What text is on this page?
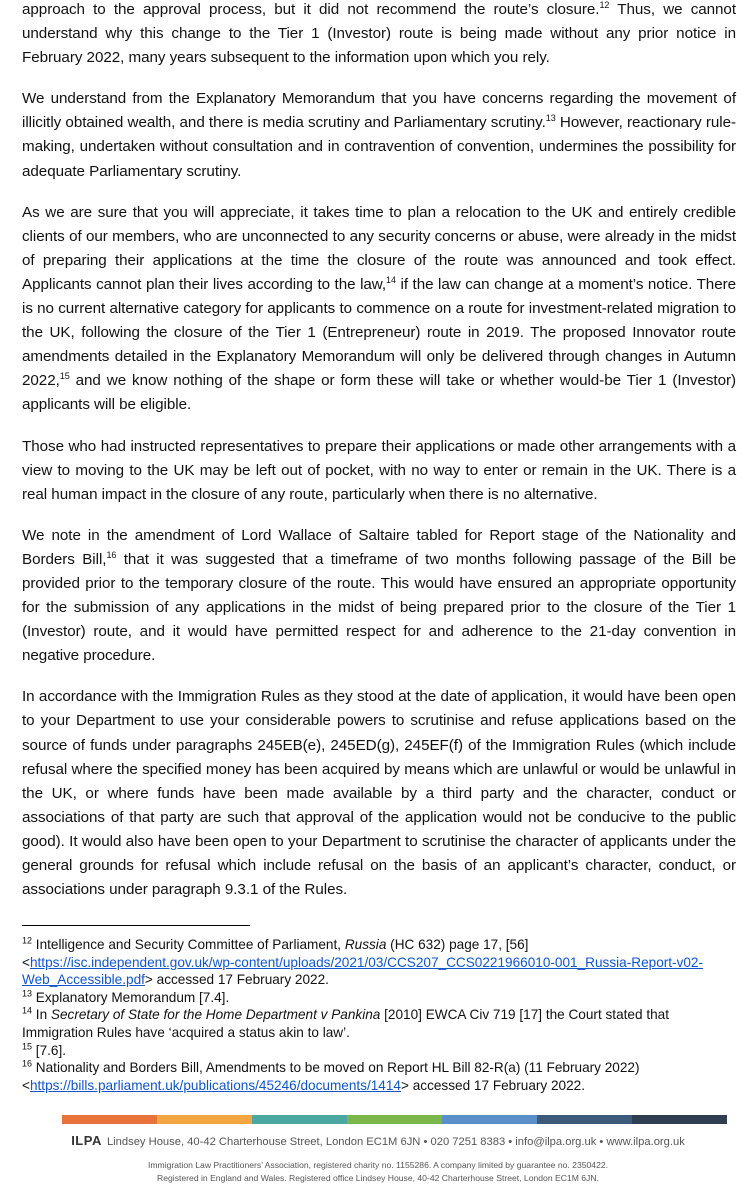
approach to the approval process, but it did not recommend the route’s closure.$^{12}$ Thus, we cannot understand why this change to the Tier 1 (Investor) route is being made without any prior notice in February 2022, many years subsequent to the information upon which you rely.

We understand from the Explanatory Memorandum that you have concerns regarding the movement of illicitly obtained wealth, and there is media scrutiny and Parliamentary scrutiny.$^{13}$ However, reactionary rule-making, undertaken without consultation and in contravention of convention, undermines the possibility for adequate Parliamentary scrutiny.

As we are sure that you will appreciate, it takes time to plan a relocation to the UK and entirely credible clients of our members, who are unconnected to any security concerns or abuse, were already in the midst of preparing their applications at the time the closure of the route was announced and took effect. Applicants cannot plan their lives according to the law,$^{14}$ if the law can change at a moment’s notice. There is no current alternative category for applicants to commence on a route for investment-related migration to the UK, following the closure of the Tier 1 (Entrepreneur) route in 2019. The proposed Innovator route amendments detailed in the Explanatory Memorandum will only be delivered through changes in Autumn 2022,15 and we know nothing of the shape or form these will take or whether would-be Tier 1 (Investor) applicants will be eligible.

Those who had instructed representatives to prepare their applications or made other arrangements with a view to moving to the UK may be left out of pocket, with no way to enter or remain in the UK. There is a real human impact in the closure of any route, particularly when there is no alternative.

We note in the amendment of Lord Wallace of Saltaire tabled for Report stage of the Nationality and Borders Bill,$^{16}$ that it was suggested that a timeframe of two months following passage of the Bill be provided prior to the temporary closure of the route. This would have ensured an appropriate opportunity for the submission of any applications in the midst of being prepared prior to the closure of the Tier 1 (Investor) route, and it would have permitted respect for and adherence to the 21-day convention in negative procedure.

In accordance with the Immigration Rules as they stood at the date of application, it would have been open to your Department to use your considerable powers to scrutinise and refuse applications based on the source of funds under paragraphs 245EB(e), 245ED(g), 245EF(f) of the Immigration Rules (which include refusal where the specified money has been acquired by means which are unlawful or would be unlawful in the UK, or where funds have been made available by a third party and the character, conduct or associations of that party are such that approval of the application would not be conducive to the public good). It would also have been open to your Department to scrutinise the character of applicants under the general grounds for refusal which include refusal on the basis of an applicant’s character, conduct, or associations under paragraph 9.3.1 of the Rules.

$^{12}$ Intelligence and Security Committee of Parliament, Russia (HC 632) page 17, [56]
<https://isc.independent.gov.uk/wp-content/uploads/2021/03/CCS207_CCS0221966010-001_Russia-Report-v02-Web_Accessible.pdf> accessed 17 February 2022.

$^{13}$ Explanatory Memorandum [7.4].

$^{14}$ In Secretary of State for the Home Department v Pankina [2010] EWCA Civ 719 [17] the Court stated that Immigration Rules have ‘acquired a status akin to law’.

$^{15}$ [7.6].

$^{16}$ Nationality and Borders Bill, Amendments to be moved on Report HL Bill 82-R(a) (11 February 2022)
<https://bills.parliament.uk/publications/45246/documents/1414> accessed 17 February 2022.

ILPA Lindsey House, 40-42 Charterhouse Street, London EC1M 6JN • 020 7251 8383 • info@ilpa.org.uk • www.ilpa.org.uk
Immigration Law Practitioners’ Association, registered charity no. 1155286. A company limited by guarantee no. 2350422.
Registered in England and Wales. Registered office Lindsey House, 40-42 Charterhouse Street, London EC1M 6JN.
